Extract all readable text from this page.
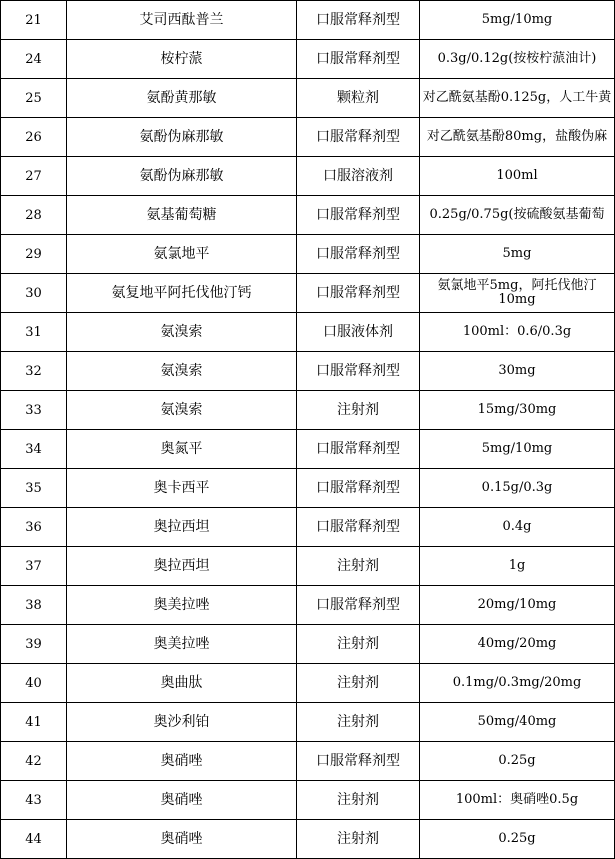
21	艾司西酞普兰	口服常释剂型	5mg/10mg
24	桉柠蒎	口服常释剂型	0.3g/0.12g(按桉柠蒎油计)
25	氨酚黄那敏	颗粒剂	对乙酰氨基酚0.125g，人工牛黄
26	氨酚伪麻那敏	口服常释剂型	对乙酰氨基酚80mg，盐酸伪麻
27	氨酚伪麻那敏	口服溶液剂	100ml
28	氨基葡萄糖	口服常释剂型	0.25g/0.75g(按硫酸氨基葡萄
29	氨氯地平	口服常释剂型	5mg
30	氨复地平阿托伐他汀钙	口服常释剂型	氨氯地平5mg，阿托伐他汀10mg
31	氨溴索	口服液体剂	100ml：0.6/0.3g
32	氨溴索	口服常释剂型	30mg
33	氨溴索	注射剂	15mg/30mg
34	奥氮平	口服常释剂型	5mg/10mg
35	奥卡西平	口服常释剂型	0.15g/0.3g
36	奥拉西坦	口服常释剂型	0.4g
37	奥拉西坦	注射剂	1g
38	奥美拉唑	口服常释剂型	20mg/10mg
39	奥美拉唑	注射剂	40mg/20mg
40	奥曲肽	注射剂	0.1mg/0.3mg/20mg
41	奥沙利铂	注射剂	50mg/40mg
42	奥硝唑	口服常释剂型	0.25g
43	奥硝唑	注射剂	100ml：奥硝唑0.5g
44	奥硝唑	注射剂	0.25g
